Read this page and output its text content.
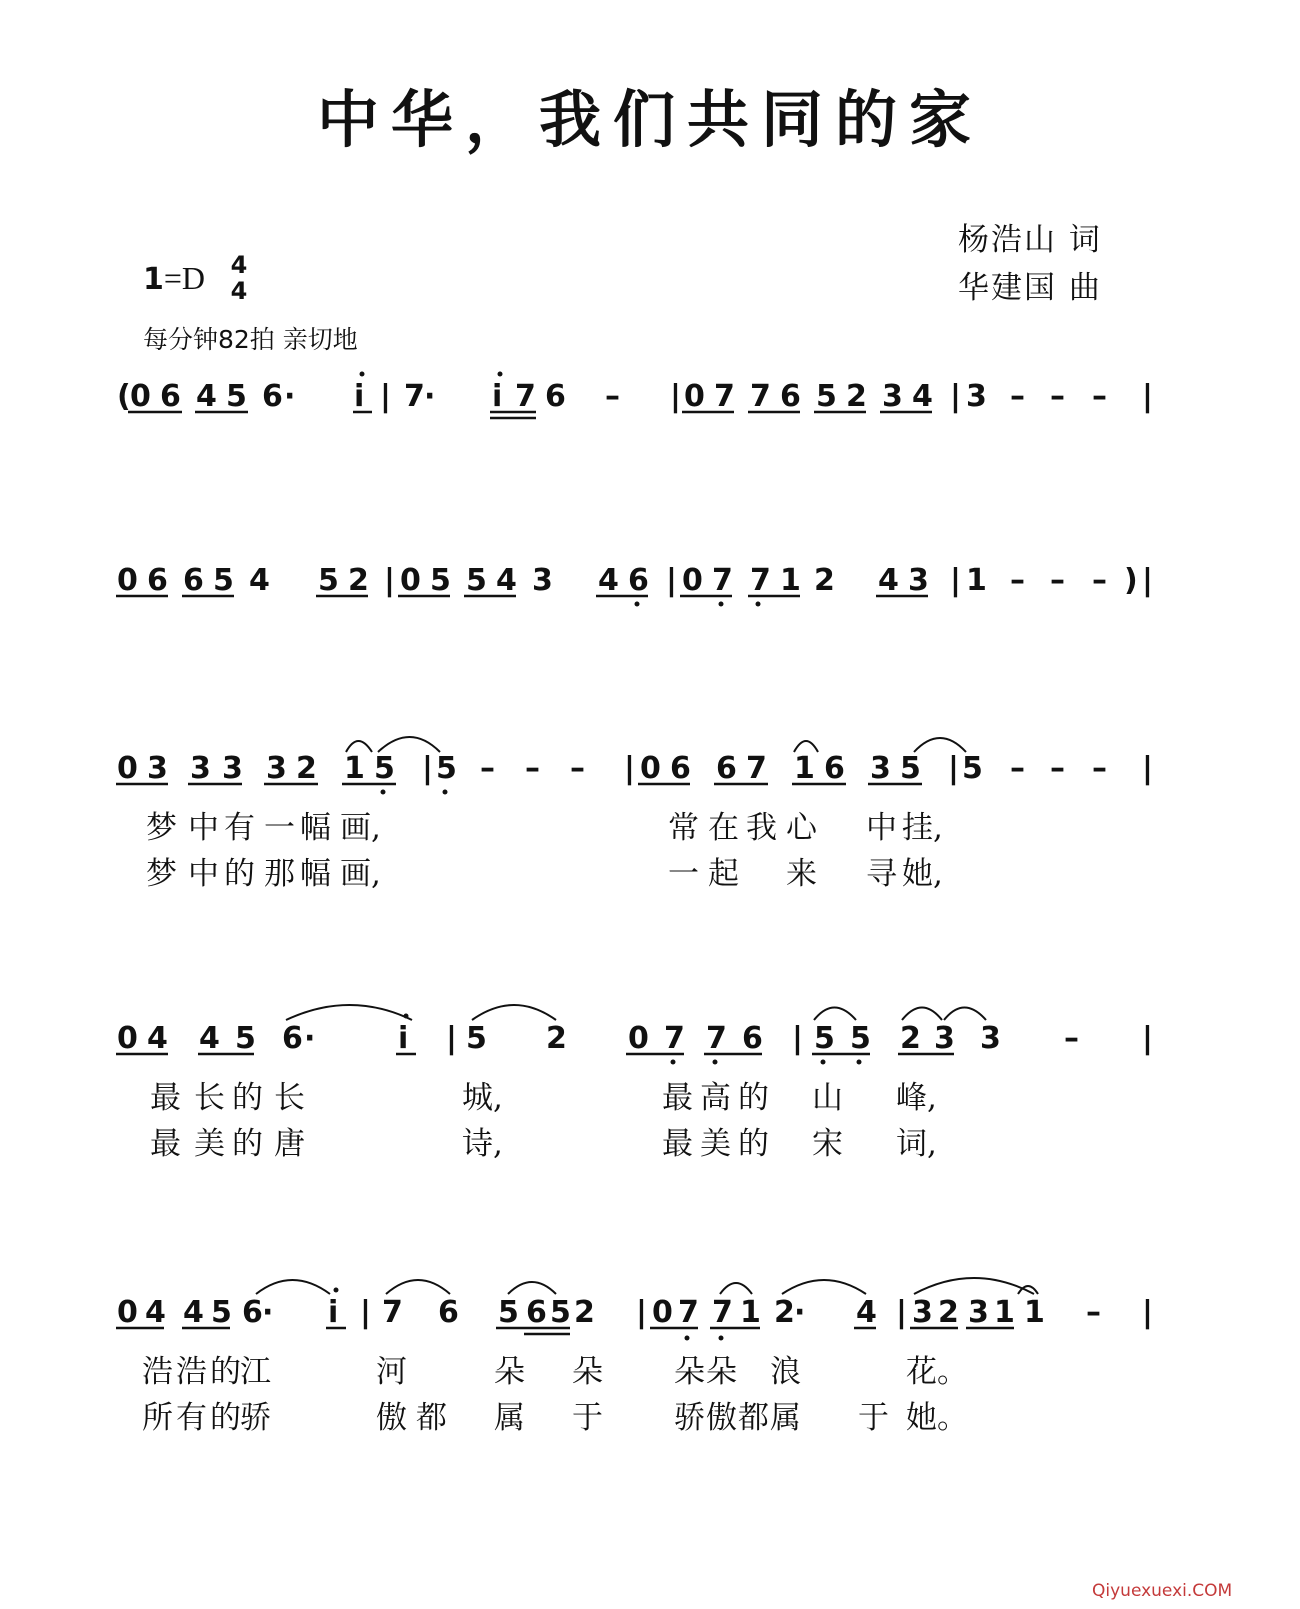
中华，我们共同的家
杨浩山 词
华建国 曲
1=D 4
4
每分钟82拍 亲切地
( 0 6 4 5 6 · i | 7 · i 7 6 – | 0 7 7 6 5 2 3 4 | 3 – – – |
0 6 6 5 4 5 2 | 0 5 5 4 3 4 6 | 0 7 7 1 2 4 3 | 1 – – – ) |
0 3 3 3 3 2 1 5 | 5 – – – | 0 6 6 7 1 6 3 5 | 5 – – – |
梦 中 有 一 幅 画,	常 在 我 心 中 挂,
梦 中 的 那 幅 画,	一 起 来 寻 她,
0 4 4 5 6 ·	i | 5 2 0 7 7 6 | 5 5 2 3 3 – |
最 长 的 长	城,	最 高 的 山 峰,
最 美 的 唐	诗,	最 美 的 宋 词,
0 4 4 5 6 · i | 7 6 5 6 5 2 | 0 7 7 1 2 · 4 | 3 2 3 1 1 – |
浩 浩 的 江	河	朵 朵 朵 朵 浪	花。
所 有 的 骄	傲 都 属 于 骄 傲 都 属 于 她。
Qiyuexuexi.COM
